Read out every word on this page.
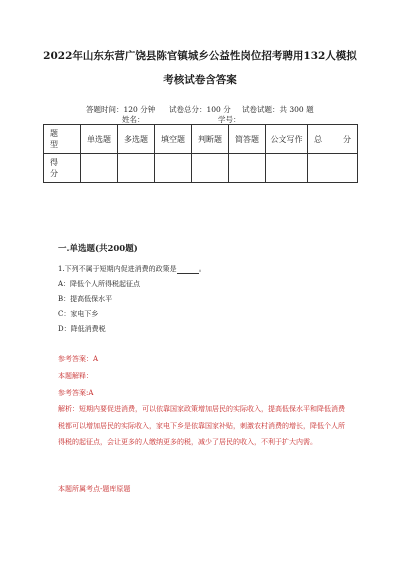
2022年山东东营广饶县陈官镇城乡公益性岗位招考聘用132人模拟
考核试卷含答案
答题时间：120 分钟 试卷总分：100 分 试卷试题：共 300 题
姓名：	学号：
题　　型	单选题	多选题	填空题	判断题	简答题	公文写作	总　　分
得　　分							
一.单选题(共200题)
1.下列不属于短期内促进消费的政策是	。
A：降低个人所得税起征点
B：提高低保水平
C：家电下乡
D：降低消费税
参考答案：A
本题解释：
参考答案:A
解析：短期内要促进消费，可以依靠国家政策增加居民的实际收入，提高低保水平和降低消费税都可以增加居民的实际收入，家电下乡是依靠国家补贴，刺激农村消费的增长，降低个人所得税的起征点，会让更多的人缴纳更多的税，减少了居民的收入，不利于扩大内需。
本题所属考点-题库原题
